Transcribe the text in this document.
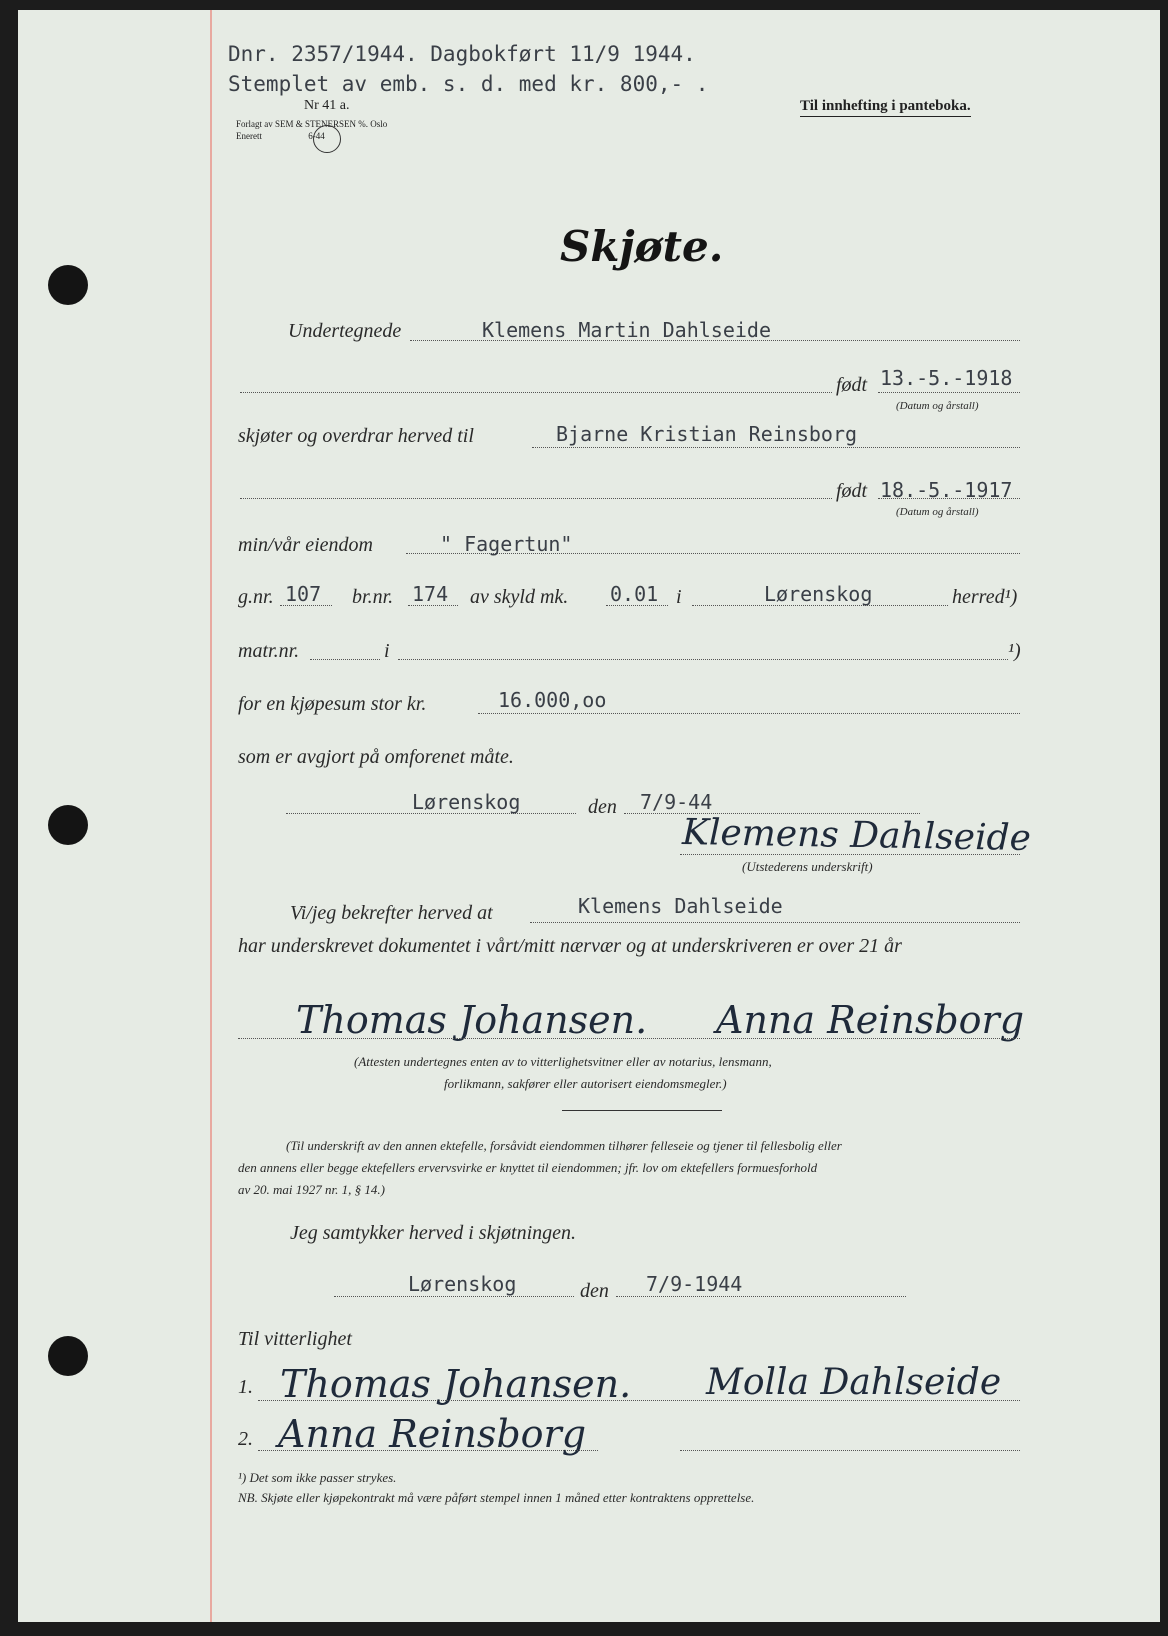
Dnr. 2357/1944. Dagbokført 11/9 1944.
Stemplet av emb. s. d. med kr. 800,- .
Nr 41 a.
Forlagt av SEM & STENERSEN %. Oslo
Enerett	6-44
Til innhefting i panteboka.
Skjøte.
Undertegnede	Klemens Martin Dahlseide
født 13.-5.-1918
(Datum og årstall)
skjøter og overdrar herved til	Bjarne Kristian Reinsborg
født 18.-5.-1917
(Datum og årstall)
min/vår eiendom	" Fagertun"
g.nr. 107 br.nr. 174 av skyld mk. 0.01 i	Lørenskog	herred¹)
matr.nr.	i	¹)
for en kjøpesum stor kr.	16.000,oo
som er avgjort på omforenet måte.
Lørenskog	den 7/9-44
Klemens Dahlseide
(Utstederens underskrift)
Vi/jeg bekrefter herved at	Klemens Dahlseide
har underskrevet dokumentet i vårt/mitt nærvær og at underskriveren er over 21 år
Thomas Johansen. Anna Reinsborg
(Attesten undertegnes enten av to vitterlighetsvitner eller av notarius, lensmann,
forlikmann, sakfører eller autorisert eiendomsmegler.)
(Til underskrift av den annen ektefelle, forsåvidt eiendommen tilhører felleseie og tjener til fellesbolig eller
den annens eller begge ektefellers ervervsvirke er knyttet til eiendommen; jfr. lov om ektefellers formuesforhold
av 20. mai 1927 nr. 1, § 14.)
Jeg samtykker herved i skjøtningen.
Lørenskog	den 7/9-1944
Til vitterlighet
1. Thomas Johansen. Molla Dahlseide
2. Anna Reinsborg
¹) Det som ikke passer strykes.
NB. Skjøte eller kjøpekontrakt må være påført stempel innen 1 måned etter kontraktens opprettelse.
